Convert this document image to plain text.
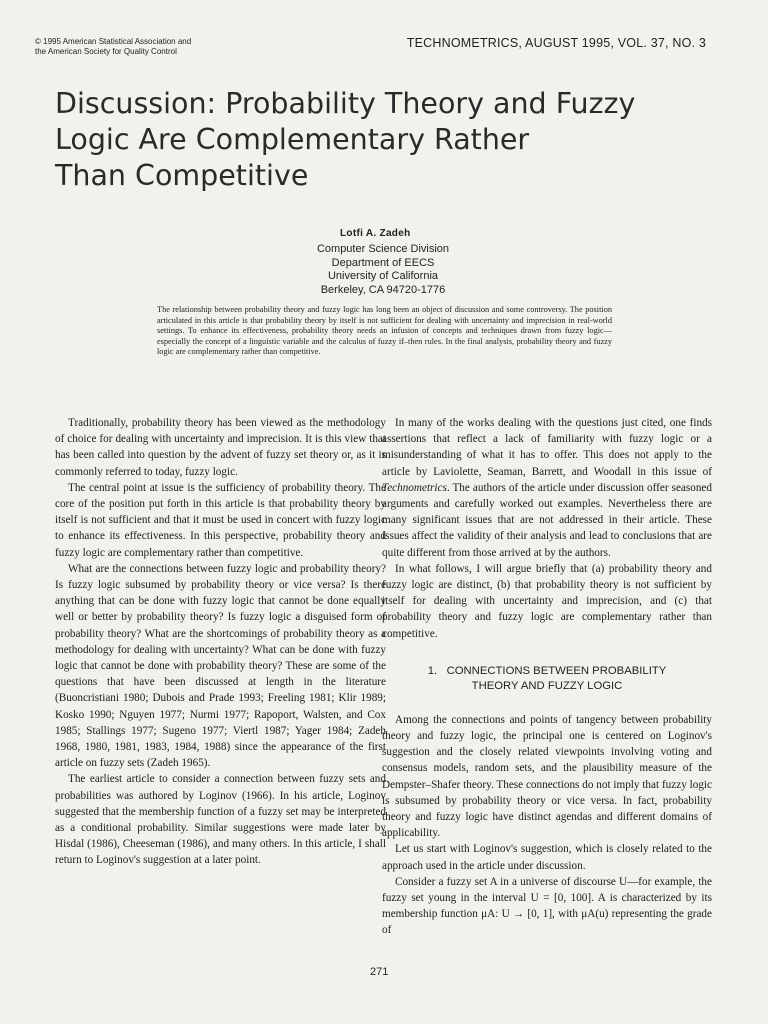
© 1995 American Statistical Association and
the American Society for Quality Control
TECHNOMETRICS, AUGUST 1995, VOL. 37, NO. 3
Discussion: Probability Theory and Fuzzy
Logic Are Complementary Rather
Than Competitive
Lotfi A. Zadeh
Computer Science Division
Department of EECS
University of California
Berkeley, CA 94720-1776

The relationship between probability theory and fuzzy logic has long been an object of discussion and some controversy. The position articulated in this article is that probability theory by itself is not sufficient for dealing with uncertainty and imprecision in real-world settings. To enhance its effectiveness, probability theory needs an infusion of concepts and techniques drawn from fuzzy logic—especially the concept of a linguistic variable and the calculus of fuzzy if–then rules. In the final analysis, probability theory and fuzzy logic are complementary rather than competitive.

Traditionally, probability theory has been viewed as the methodology of choice for dealing with uncertainty and imprecision. It is this view that has been called into question by the advent of fuzzy set theory or, as it is commonly referred to today, fuzzy logic.

The central point at issue is the sufficiency of probability theory. The core of the position put forth in this article is that probability theory by itself is not sufficient and that it must be used in concert with fuzzy logic to enhance its effectiveness. In this perspective, probability theory and fuzzy logic are complementary rather than competitive.

What are the connections between fuzzy logic and probability theory? Is fuzzy logic subsumed by probability theory or vice versa? Is there anything that can be done with fuzzy logic that cannot be done equally well or better by probability theory? Is fuzzy logic a disguised form of probability theory? What are the shortcomings of probability theory as a methodology for dealing with uncertainty? What can be done with fuzzy logic that cannot be done with probability theory? These are some of the questions that have been discussed at length in the literature (Buoncristiani 1980; Dubois and Prade 1993; Freeling 1981; Klir 1989; Kosko 1990; Nguyen 1977; Nurmi 1977; Rapoport, Walsten, and Cox 1985; Stallings 1977; Sugeno 1977; Viertl 1987; Yager 1984; Zadeh 1968, 1980, 1981, 1983, 1984, 1988) since the appearance of the first article on fuzzy sets (Zadeh 1965).

The earliest article to consider a connection between fuzzy sets and probabilities was authored by Loginov (1966). In his article, Loginov suggested that the membership function of a fuzzy set may be interpreted as a conditional probability. Similar suggestions were made later by Hisdal (1986), Cheeseman (1986), and many others. In this article, I shall return to Loginov's suggestion at a later point.

In many of the works dealing with the questions just cited, one finds assertions that reflect a lack of familiarity with fuzzy logic or a misunderstanding of what it has to offer. This does not apply to the article by Laviolette, Seaman, Barrett, and Woodall in this issue of Technometrics. The authors of the article under discussion offer seasoned arguments and carefully worked out examples. Nevertheless there are many significant issues that are not addressed in their article. These issues affect the validity of their analysis and lead to conclusions that are quite different from those arrived at by the authors.

In what follows, I will argue briefly that (a) probability theory and fuzzy logic are distinct, (b) that probability theory is not sufficient by itself for dealing with uncertainty and imprecision, and (c) that probability theory and fuzzy logic are complementary rather than competitive.

1.   CONNECTIONS BETWEEN PROBABILITY
THEORY AND FUZZY LOGIC

Among the connections and points of tangency between probability theory and fuzzy logic, the principal one is centered on Loginov's suggestion and the closely related viewpoints involving voting and consensus models, random sets, and the plausibility measure of the Dempster–Shafer theory. These connections do not imply that fuzzy logic is subsumed by probability theory or vice versa. In fact, probability theory and fuzzy logic have distinct agendas and different domains of applicability.

Let us start with Loginov's suggestion, which is closely related to the approach used in the article under discussion.

Consider a fuzzy set A in a universe of discourse U—for example, the fuzzy set young in the interval U = [0, 100]. A is characterized by its membership function μA: U → [0, 1], with μA(u) representing the grade of

271
